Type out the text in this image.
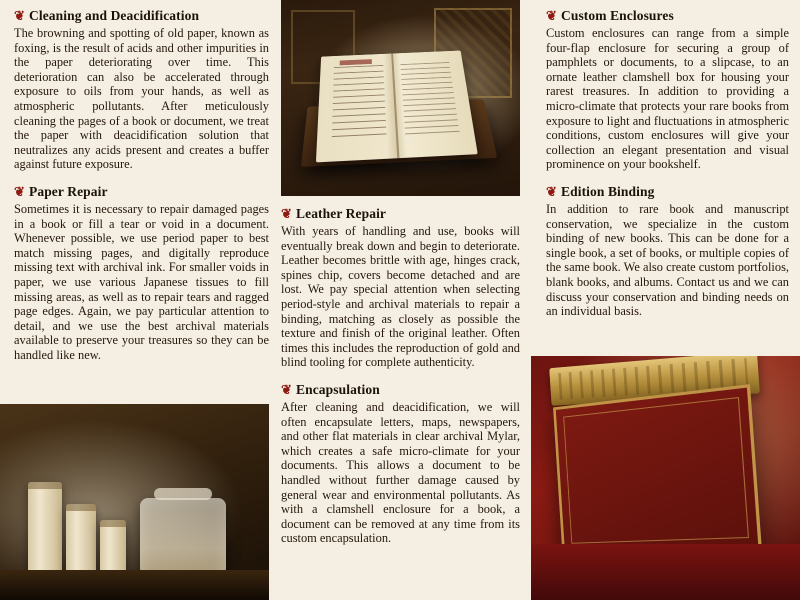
❦ Cleaning and Deacidification

The browning and spotting of old paper, known as foxing, is the result of acids and other impurities in the paper deteriorating over time. This deterioration can also be accelerated through exposure to oils from your hands, as well as atmospheric pollutants. After meticulously cleaning the pages of a book or document, we treat the paper with deacidification solution that neutralizes any acids present and creates a buffer against future exposure.

❦ Paper Repair

Sometimes it is necessary to repair damaged pages in a book or fill a tear or void in a document. Whenever possible, we use period paper to best match missing pages, and digitally reproduce missing text with archival ink. For smaller voids in paper, we use various Japanese tissues to fill missing areas, as well as to repair tears and ragged page edges. Again, we pay particular attention to detail, and we use the best archival materials available to preserve your treasures so they can be handled like new.

❦ Leather Repair

With years of handling and use, books will eventually break down and begin to deteriorate. Leather becomes brittle with age, hinges crack, spines chip, covers become detached and are lost. We pay special attention when selecting period-style and archival materials to repair a binding, matching as closely as possible the texture and finish of the original leather. Often times this includes the reproduction of gold and blind tooling for complete authenticity.

❦ Encapsulation

After cleaning and deacidification, we will often encapsulate letters, maps, newspapers, and other flat materials in clear archival Mylar, which creates a safe micro-climate for your documents. This allows a document to be handled without further damage caused by general wear and environmental pollutants. As with a clamshell enclosure for a book, a document can be removed at any time from its custom encapsulation.

❦ Custom Enclosures

Custom enclosures can range from a simple four-flap enclosure for securing a group of pamphlets or documents, to a slipcase, to an ornate leather clamshell box for housing your rarest treasures. In addition to providing a micro-climate that protects your rare books from exposure to light and fluctuations in atmospheric conditions, custom enclosures will give your collection an elegant presentation and visual prominence on your bookshelf.

❦ Edition Binding

In addition to rare book and manuscript conservation, we specialize in the custom binding of new books. This can be done for a single book, a set of books, or multiple copies of the same book. We also create custom portfolios, blank books, and albums. Contact us and we can discuss your conservation and binding needs on an individual basis.
